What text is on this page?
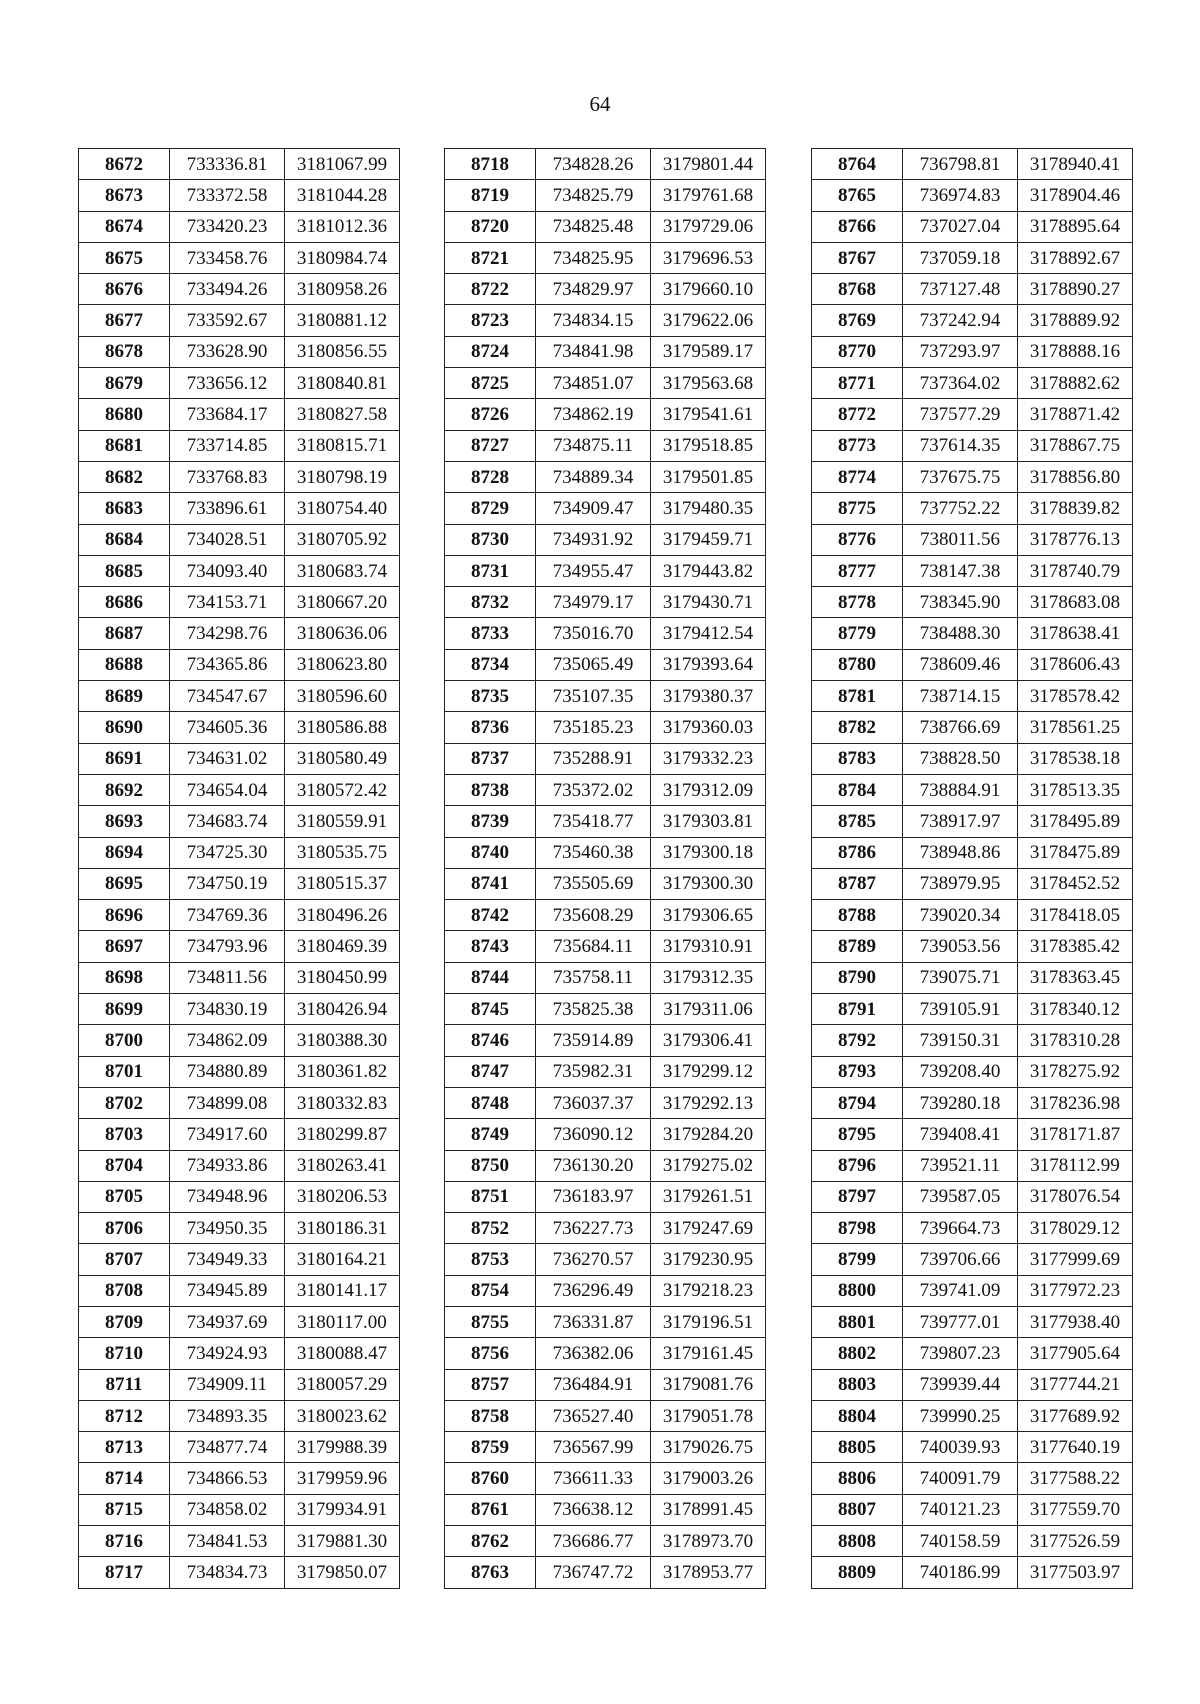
64
8672	733336.81	3181067.99
8673	733372.58	3181044.28
8674	733420.23	3181012.36
8675	733458.76	3180984.74
8676	733494.26	3180958.26
8677	733592.67	3180881.12
8678	733628.90	3180856.55
8679	733656.12	3180840.81
8680	733684.17	3180827.58
8681	733714.85	3180815.71
8682	733768.83	3180798.19
8683	733896.61	3180754.40
8684	734028.51	3180705.92
8685	734093.40	3180683.74
8686	734153.71	3180667.20
8687	734298.76	3180636.06
8688	734365.86	3180623.80
8689	734547.67	3180596.60
8690	734605.36	3180586.88
8691	734631.02	3180580.49
8692	734654.04	3180572.42
8693	734683.74	3180559.91
8694	734725.30	3180535.75
8695	734750.19	3180515.37
8696	734769.36	3180496.26
8697	734793.96	3180469.39
8698	734811.56	3180450.99
8699	734830.19	3180426.94
8700	734862.09	3180388.30
8701	734880.89	3180361.82
8702	734899.08	3180332.83
8703	734917.60	3180299.87
8704	734933.86	3180263.41
8705	734948.96	3180206.53
8706	734950.35	3180186.31
8707	734949.33	3180164.21
8708	734945.89	3180141.17
8709	734937.69	3180117.00
8710	734924.93	3180088.47
8711	734909.11	3180057.29
8712	734893.35	3180023.62
8713	734877.74	3179988.39
8714	734866.53	3179959.96
8715	734858.02	3179934.91
8716	734841.53	3179881.30
8717	734834.73	3179850.07
8718	734828.26	3179801.44
8719	734825.79	3179761.68
8720	734825.48	3179729.06
8721	734825.95	3179696.53
8722	734829.97	3179660.10
8723	734834.15	3179622.06
8724	734841.98	3179589.17
8725	734851.07	3179563.68
8726	734862.19	3179541.61
8727	734875.11	3179518.85
8728	734889.34	3179501.85
8729	734909.47	3179480.35
8730	734931.92	3179459.71
8731	734955.47	3179443.82
8732	734979.17	3179430.71
8733	735016.70	3179412.54
8734	735065.49	3179393.64
8735	735107.35	3179380.37
8736	735185.23	3179360.03
8737	735288.91	3179332.23
8738	735372.02	3179312.09
8739	735418.77	3179303.81
8740	735460.38	3179300.18
8741	735505.69	3179300.30
8742	735608.29	3179306.65
8743	735684.11	3179310.91
8744	735758.11	3179312.35
8745	735825.38	3179311.06
8746	735914.89	3179306.41
8747	735982.31	3179299.12
8748	736037.37	3179292.13
8749	736090.12	3179284.20
8750	736130.20	3179275.02
8751	736183.97	3179261.51
8752	736227.73	3179247.69
8753	736270.57	3179230.95
8754	736296.49	3179218.23
8755	736331.87	3179196.51
8756	736382.06	3179161.45
8757	736484.91	3179081.76
8758	736527.40	3179051.78
8759	736567.99	3179026.75
8760	736611.33	3179003.26
8761	736638.12	3178991.45
8762	736686.77	3178973.70
8763	736747.72	3178953.77
8764	736798.81	3178940.41
8765	736974.83	3178904.46
8766	737027.04	3178895.64
8767	737059.18	3178892.67
8768	737127.48	3178890.27
8769	737242.94	3178889.92
8770	737293.97	3178888.16
8771	737364.02	3178882.62
8772	737577.29	3178871.42
8773	737614.35	3178867.75
8774	737675.75	3178856.80
8775	737752.22	3178839.82
8776	738011.56	3178776.13
8777	738147.38	3178740.79
8778	738345.90	3178683.08
8779	738488.30	3178638.41
8780	738609.46	3178606.43
8781	738714.15	3178578.42
8782	738766.69	3178561.25
8783	738828.50	3178538.18
8784	738884.91	3178513.35
8785	738917.97	3178495.89
8786	738948.86	3178475.89
8787	738979.95	3178452.52
8788	739020.34	3178418.05
8789	739053.56	3178385.42
8790	739075.71	3178363.45
8791	739105.91	3178340.12
8792	739150.31	3178310.28
8793	739208.40	3178275.92
8794	739280.18	3178236.98
8795	739408.41	3178171.87
8796	739521.11	3178112.99
8797	739587.05	3178076.54
8798	739664.73	3178029.12
8799	739706.66	3177999.69
8800	739741.09	3177972.23
8801	739777.01	3177938.40
8802	739807.23	3177905.64
8803	739939.44	3177744.21
8804	739990.25	3177689.92
8805	740039.93	3177640.19
8806	740091.79	3177588.22
8807	740121.23	3177559.70
8808	740158.59	3177526.59
8809	740186.99	3177503.97
